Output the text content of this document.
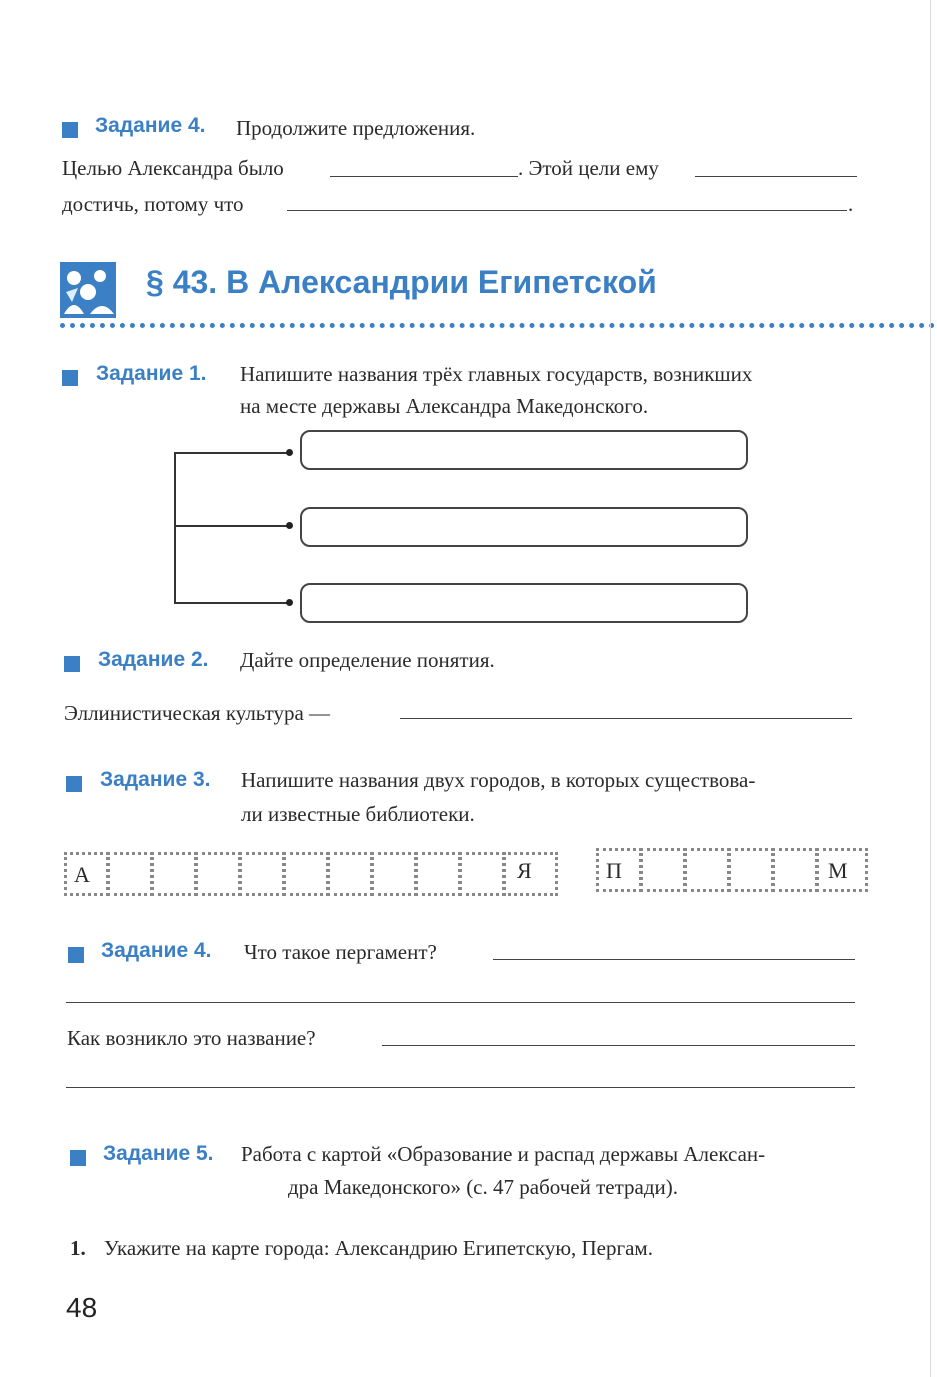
Задание 4. Продолжите предложения.
Целью Александра было	. Этой цели ему
достичь, потому что	.
§ 43. В Александрии Египетской
Задание 1. Напишите названия трёх главных государств, возникших
на месте державы Александра Македонского.
Задание 2. Дайте определение понятия.
Эллинистическая культура —
Задание 3. Напишите названия двух городов, в которых существова-
ли известные библиотеки.
А	Я	П	М
Задание 4. Что такое пергамент?
Как возникло это название?
Задание 5. Работа с картой «Образование и распад державы Алексан-
дра Македонского» (с. 47 рабочей тетради).
1. Укажите на карте города: Александрию Египетскую, Пергам.
48
